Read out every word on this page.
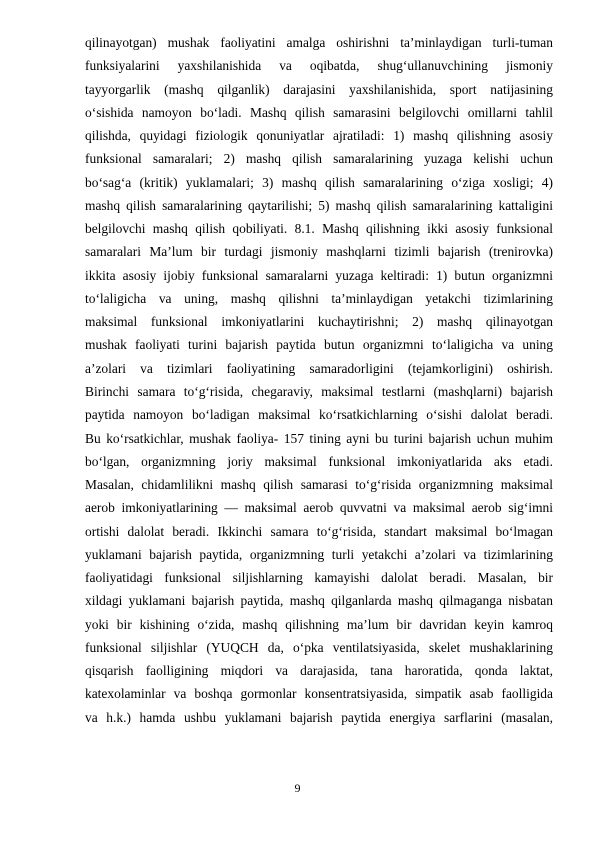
qilinayotgan) mushak faoliyatini amalga oshirishni ta’minlaydigan turli-tuman
funksiyalarini yaxshilanishida va oqibatda, shug‘ullanuvchining jismoniy
tayyorgarlik (mashq qilganlik) darajasini yaxshilanishida, sport natijasining
o‘sishida namoyon bo‘ladi. Mashq qilish samarasini belgilovchi omillarni tahlil
qilishda, quyidagi fiziologik qonuniyatlar ajratiladi: 1) mashq qilishning asosiy
funksional samaralari; 2) mashq qilish samaralarining yuzaga kelishi uchun
bo‘sag‘a (kritik) yuklamalari; 3) mashq qilish samaralarining o‘ziga xosligi; 4)
mashq qilish samaralarining qaytarilishi; 5) mashq qilish samaralarining kattaligini
belgilovchi mashq qilish qobiliyati. 8.1. Mashq qilishning ikki asosiy funksional
samaralari Ma’lum bir turdagi jismoniy mashqlarni tizimli bajarish (trenirovka)
ikkita asosiy ijobiy funksional samaralarni yuzaga keltiradi: 1) butun organizmni
to‘laligicha va uning, mashq qilishni ta’minlaydigan yetakchi tizimlarining
maksimal funksional imkoniyatlarini kuchaytirishni; 2) mashq qilinayotgan
mushak faoliyati turini bajarish paytida butun organizmni to‘laligicha va uning
a’zolari va tizimlari faoliyatining samaradorligini (tejamkorligini) oshirish.
Birinchi samara to‘g‘risida, chegaraviy, maksimal testlarni (mashqlarni) bajarish
paytida namoyon bo‘ladigan maksimal ko‘rsatkichlarning o‘sishi dalolat beradi.
Bu ko‘rsatkichlar, mushak faoliya- 157 tining ayni bu turini bajarish uchun muhim
bo‘lgan, organizmning joriy maksimal funksional imkoniyatlarida aks etadi.
Masalan, chidamlilikni mashq qilish samarasi to‘g‘risida organizmning maksimal
aerob imkoniyatlarining — maksimal aerob quvvatni va maksimal aerob sig‘imni
ortishi dalolat beradi. Ikkinchi samara to‘g‘risida, standart maksimal bo‘lmagan
yuklamani bajarish paytida, organizmning turli yetakchi a’zolari va tizimlarining
faoliyatidagi funksional siljishlarning kamayishi dalolat beradi. Masalan, bir
xildagi yuklamani bajarish paytida, mashq qilganlarda mashq qilmaganga nisbatan
yoki bir kishining o‘zida, mashq qilishning ma’lum bir davridan keyin kamroq
funksional siljishlar (YUQCH da, o‘pka ventilatsiyasida, skelet mushaklarining
qisqarish faolligining miqdori va darajasida, tana haroratida, qonda laktat,
katexolaminlar va boshqa gormonlar konsentratsiyasida, simpatik asab faolligida
va h.k.) hamda ushbu yuklamani bajarish paytida energiya sarflarini (masalan,
9
